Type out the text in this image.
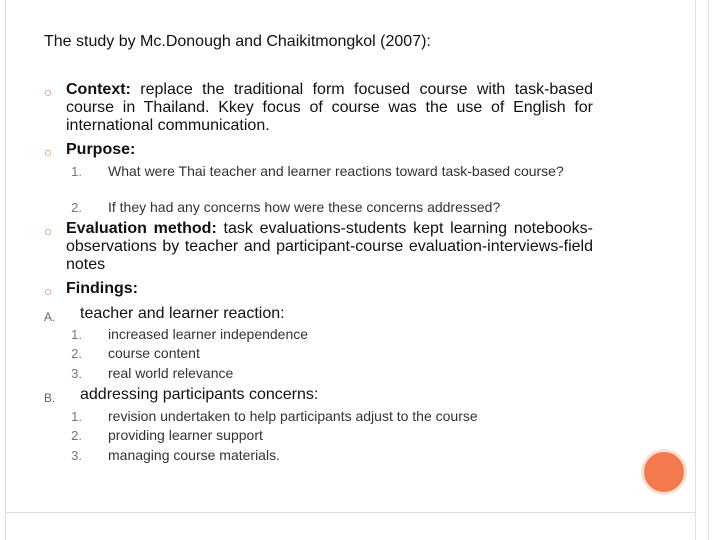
The study by Mc.Donough and Chaikitmongkol (2007):
○ Context: replace the traditional form focused course with task-based course in Thailand. Kkey focus of course was the use of English for international communication.
○ Purpose:
1. What were Thai teacher and learner reactions toward task-based course?
2. If they had any concerns how were these concerns addressed?
○ Evaluation method: task evaluations-students kept learning notebooks-observations by teacher and participant-course evaluation-interviews-field notes
○ Findings:
A. teacher and learner reaction:
1. increased learner independence
2. course content
3. real world relevance
B. addressing participants concerns:
1. revision undertaken to help participants adjust to the course
2. providing learner support
3. managing course materials.
